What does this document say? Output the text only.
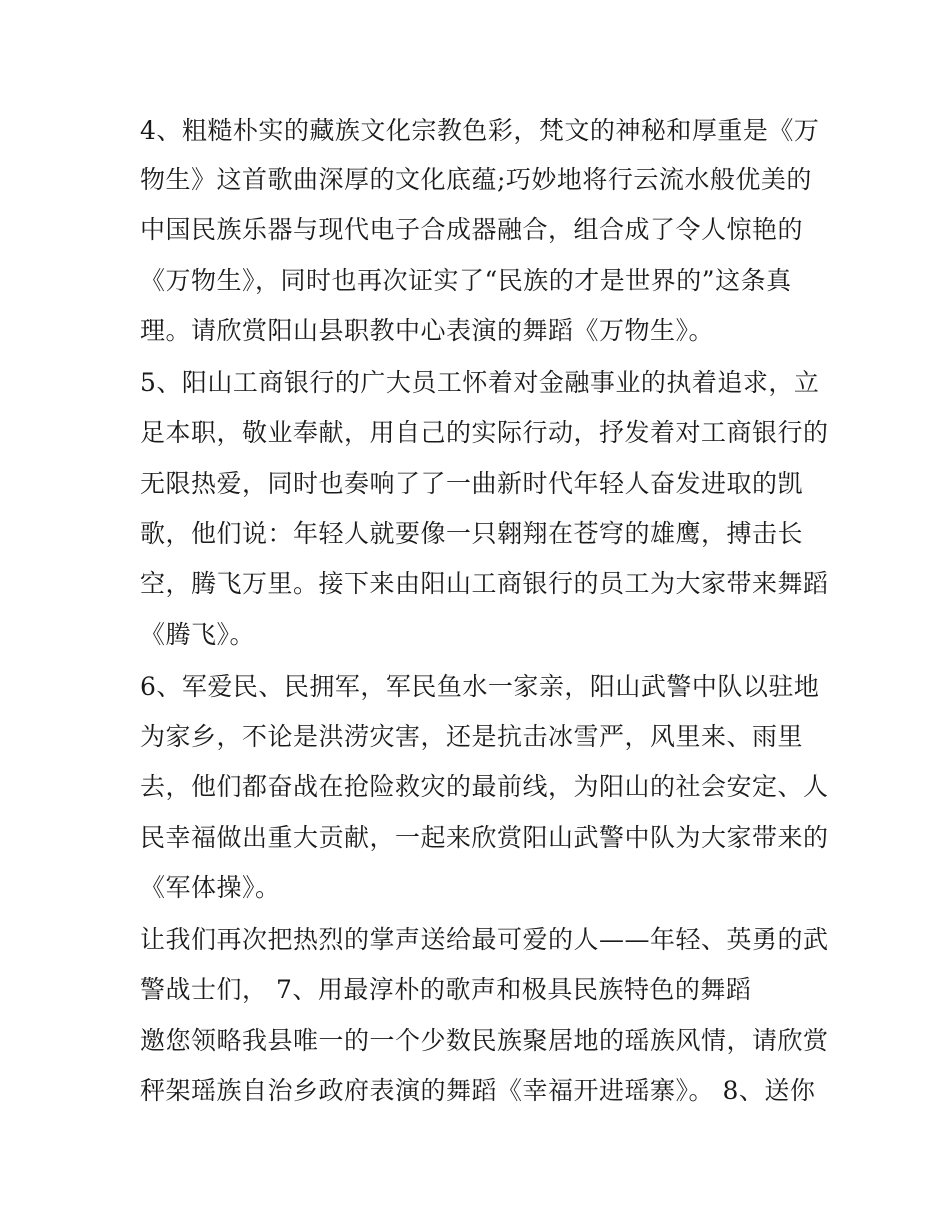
4、粗糙朴实的藏族文化宗教色彩，梵文的神秘和厚重是《万
物生》这首歌曲深厚的文化底蕴;巧妙地将行云流水般优美的
中国民族乐器与现代电子合成器融合，组合成了令人惊艳的
《万物生》，同时也再次证实了“民族的才是世界的”这条真
理。请欣赏阳山县职教中心表演的舞蹈《万物生》。
5、阳山工商银行的广大员工怀着对金融事业的执着追求，立
足本职，敬业奉献，用自己的实际行动，抒发着对工商银行的
无限热爱，同时也奏响了了一曲新时代年轻人奋发进取的凯
歌，他们说：年轻人就要像一只翱翔在苍穹的雄鹰，搏击长
空，腾飞万里。接下来由阳山工商银行的员工为大家带来舞蹈
《腾飞》。
6、军爱民、民拥军，军民鱼水一家亲，阳山武警中队以驻地
为家乡，不论是洪涝灾害，还是抗击冰雪严，风里来、雨里
去，他们都奋战在抢险救灾的最前线，为阳山的社会安定、人
民幸福做出重大贡献，一起来欣赏阳山武警中队为大家带来的
《军体操》。
让我们再次把热烈的掌声送给最可爱的人——年轻、英勇的武
警战士们， 7、用最淳朴的歌声和极具民族特色的舞蹈
邀您领略我县唯一的一个少数民族聚居地的瑶族风情，请欣赏
秤架瑶族自治乡政府表演的舞蹈《幸福开进瑶寨》。 8、送你
